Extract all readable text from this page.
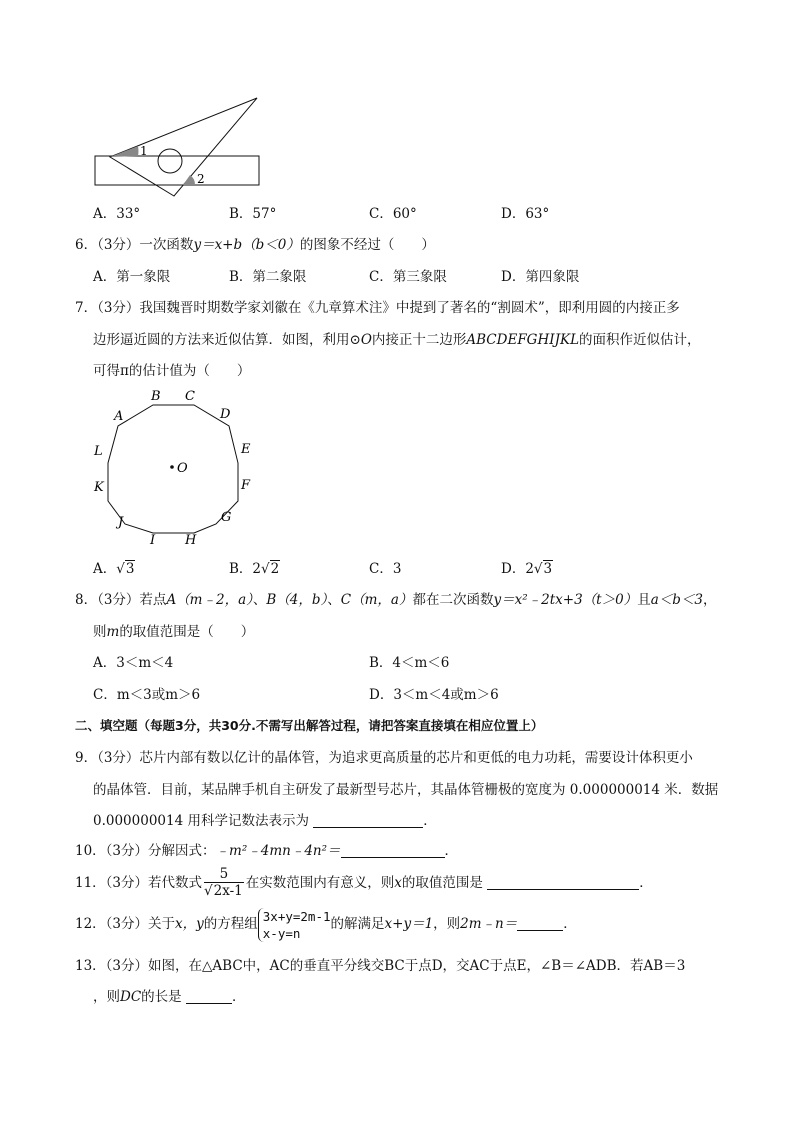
1
2
A．33°	B．57°	C．60°	D．63°
6．（3分）一次函数y＝x+b（b＜0）的图象不经过（　　）
A．第一象限	B．第二象限	C．第三象限	D．第四象限
7．（3分）我国魏晋时期数学家刘徽在《九章算术注》中提到了著名的“割圆术”，即利用圆的内接正多
边形逼近圆的方法来近似估算．如图，利用⊙O内接正十二边形ABCDEFGHIJKL的面积作近似估计，
可得π的估计值为（　　）
O
A
B C
D
E
F
G
H
I
J
K
L
A．√3	B．2√2	C．3	D．2√3
8．（3分）若点A（m﹣2，a）、B（4，b）、C（m，a）都在二次函数y＝x²﹣2tx+3（t＞0）且a＜b＜3，
则m的取值范围是（　　）
A．3＜m＜4	B．4＜m＜6
C．m＜3或m＞6	D．3＜m＜4或m＞6
二、填空题（每题3分，共30分.不需写出解答过程，请把答案直接填在相应位置上）
9．（3分）芯片内部有数以亿计的晶体管，为追求更高质量的芯片和更低的电力功耗，需要设计体积更小
的晶体管．目前，某品牌手机自主研发了最新型号芯片，其晶体管栅极的宽度为 0.000000014 米．数据
0.000000014 用科学记数法表示为	．
10．（3分）分解因式：﹣m²﹣4mn﹣4n²＝	．
11．（3分）若代数式 $\frac{5}{√2x-1}$ 在实数范围内有意义，则x的取值范围是	．
12．（3分）关于x，y的方程组 3x+y=2m-1
x-y=n
的解满足x+y＝1，则2m﹣n＝	．
13．（3分）如图，在△ABC中，AC的垂直平分线交BC于点D，交AC于点E，∠B＝∠ADB．若AB＝3
，则DC的长是	．
